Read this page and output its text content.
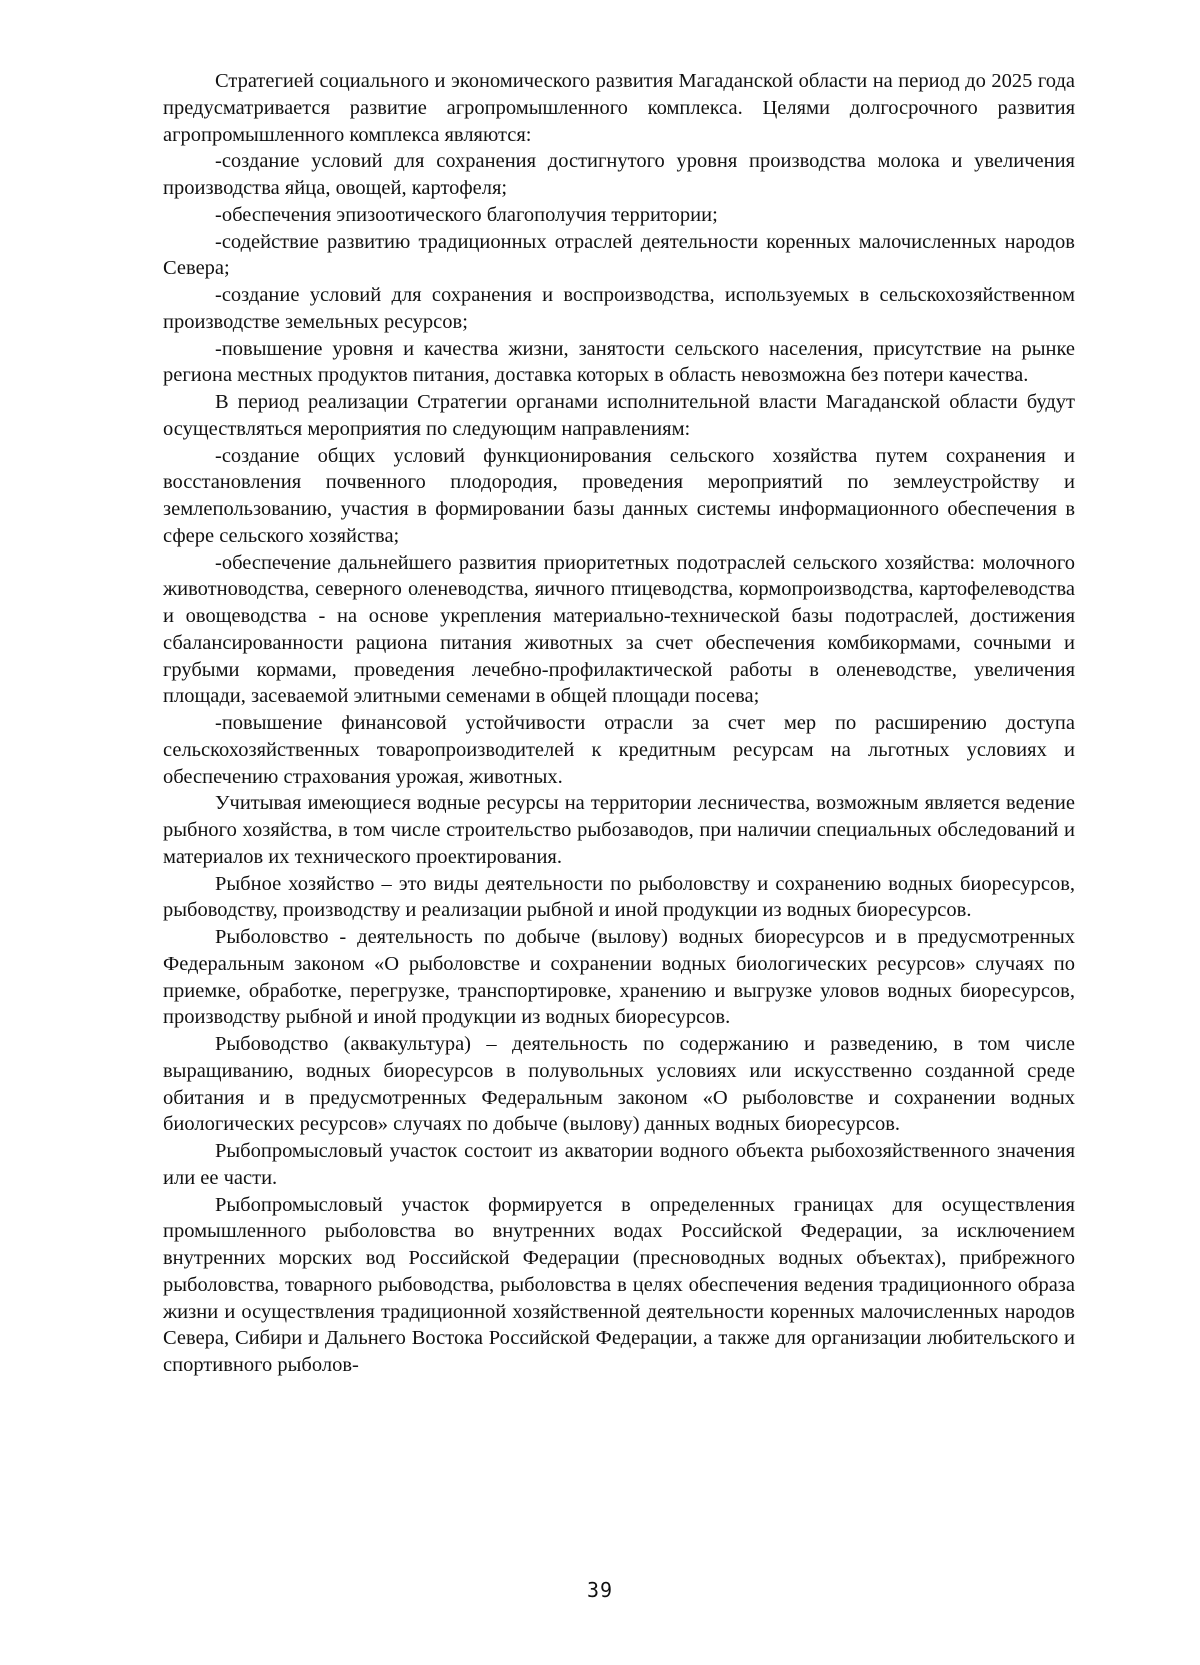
Стратегией социального и экономического развития Магаданской области на период до 2025 года предусматривается развитие агропромышленного комплекса. Целями долгосрочного развития агропромышленного комплекса являются:

-создание условий для сохранения достигнутого уровня производства молока и увеличения производства яйца, овощей, картофеля;

-обеспечения эпизоотического благополучия территории;

-содействие развитию традиционных отраслей деятельности коренных малочисленных народов Севера;

-создание условий для сохранения и воспроизводства, используемых в сельскохозяйственном производстве земельных ресурсов;

-повышение уровня и качества жизни, занятости сельского населения, присутствие на рынке региона местных продуктов питания, доставка которых в область невозможна без потери качества.

В период реализации Стратегии органами исполнительной власти Магаданской области будут осуществляться мероприятия по следующим направлениям:

-создание общих условий функционирования сельского хозяйства путем сохранения и восстановления почвенного плодородия, проведения мероприятий по землеустройству и землепользованию, участия в формировании базы данных системы информационного обеспечения в сфере сельского хозяйства;

-обеспечение дальнейшего развития приоритетных подотраслей сельского хозяйства: молочного животноводства, северного оленеводства, яичного птицеводства, кормопроизводства, картофелеводства и овощеводства - на основе укрепления материально-технической базы подотраслей, достижения сбалансированности рациона питания животных за счет обеспечения комбикормами, сочными и грубыми кормами, проведения лечебно-профилактической работы в оленеводстве, увеличения площади, засеваемой элитными семенами в общей площади посева;

-повышение финансовой устойчивости отрасли за счет мер по расширению доступа сельскохозяйственных товаропроизводителей к кредитным ресурсам на льготных условиях и обеспечению страхования урожая, животных.

Учитывая имеющиеся водные ресурсы на территории лесничества, возможным является ведение рыбного хозяйства, в том числе строительство рыбозаводов, при наличии специальных обследований и материалов их технического проектирования.

Рыбное хозяйство – это виды деятельности по рыболовству и сохранению водных биоресурсов, рыбоводству, производству и реализации рыбной и иной продукции из водных биоресурсов.

Рыболовство - деятельность по добыче (вылову) водных биоресурсов и в предусмотренных Федеральным законом «О рыболовстве и сохранении водных биологических ресурсов» случаях по приемке, обработке, перегрузке, транспортировке, хранению и выгрузке уловов водных биоресурсов, производству рыбной и иной продукции из водных биоресурсов.

Рыбоводство (аквакультура) – деятельность по содержанию и разведению, в том числе выращиванию, водных биоресурсов в полувольных условиях или искусственно созданной среде обитания и в предусмотренных Федеральным законом «О рыболовстве и сохранении водных биологических ресурсов» случаях по добыче (вылову) данных водных биоресурсов.

Рыбопромысловый участок состоит из акватории водного объекта рыбохозяйственного значения или ее части.

Рыбопромысловый участок формируется в определенных границах для осуществления промышленного рыболовства во внутренних водах Российской Федерации, за исключением внутренних морских вод Российской Федерации (пресноводных водных объектах), прибрежного рыболовства, товарного рыбоводства, рыболовства в целях обеспечения ведения традиционного образа жизни и осуществления традиционной хозяйственной деятельности коренных малочисленных народов Севера, Сибири и Дальнего Востока Российской Федерации, а также для организации любительского и спортивного рыболов-

39
